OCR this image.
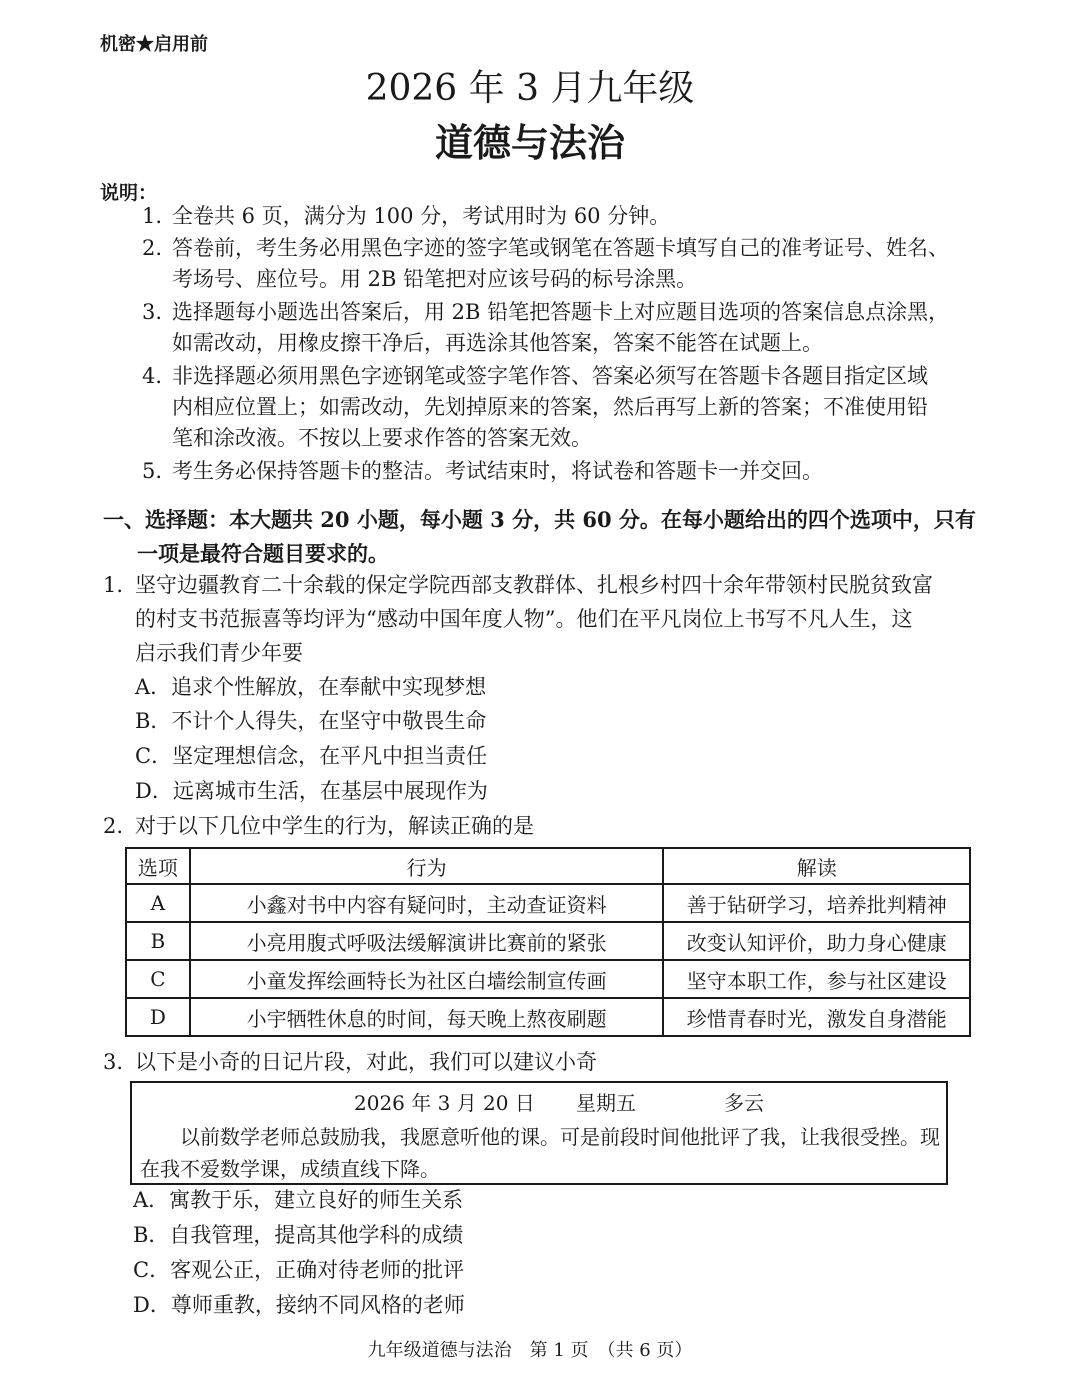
机密★启用前
2026 年 3 月九年级
道德与法治
说明：
1. 全卷共 6 页，满分为 100 分，考试用时为 60 分钟。
2. 答卷前，考生务必用黑色字迹的签字笔或钢笔在答题卡填写自己的准考证号、姓名、
考场号、座位号。用 2B 铅笔把对应该号码的标号涂黑。
3. 选择题每小题选出答案后，用 2B 铅笔把答题卡上对应题目选项的答案信息点涂黑，
如需改动，用橡皮擦干净后，再选涂其他答案，答案不能答在试题上。
4. 非选择题必须用黑色字迹钢笔或签字笔作答、答案必须写在答题卡各题目指定区域
内相应位置上；如需改动，先划掉原来的答案，然后再写上新的答案；不准使用铅
笔和涂改液。不按以上要求作答的答案无效。
5. 考生务必保持答题卡的整洁。考试结束时，将试卷和答题卡一并交回。
一、选择题：本大题共 20 小题，每小题 3 分，共 60 分。在每小题给出的四个选项中，只有
一项是最符合题目要求的。
1. 坚守边疆教育二十余载的保定学院西部支教群体、扎根乡村四十余年带领村民脱贫致富
的村支书范振喜等均评为“感动中国年度人物”。他们在平凡岗位上书写不凡人生，这
启示我们青少年要
A．追求个性解放，在奉献中实现梦想
B．不计个人得失，在坚守中敬畏生命
C．坚定理想信念，在平凡中担当责任
D．远离城市生活，在基层中展现作为
2. 对于以下几位中学生的行为，解读正确的是
选项	行为	解读
A	小鑫对书中内容有疑问时，主动查证资料	善于钻研学习，培养批判精神
B	小亮用腹式呼吸法缓解演讲比赛前的紧张	改变认知评价，助力身心健康
C	小童发挥绘画特长为社区白墙绘制宣传画	坚守本职工作，参与社区建设
D	小宇牺牲休息的时间，每天晚上熬夜刷题	珍惜青春时光，激发自身潜能
3. 以下是小奇的日记片段，对此，我们可以建议小奇
2026 年 3 月 20 日 星期五	多云
以前数学老师总鼓励我，我愿意听他的课。可是前段时间他批评了我，让我很受挫。现在我不爱数学课，成绩直线下降。
A．寓教于乐，建立良好的师生关系
B．自我管理，提高其他学科的成绩
C．客观公正，正确对待老师的批评
D．尊师重教，接纳不同风格的老师
九年级道德与法治　第 1 页　（共 6 页）
